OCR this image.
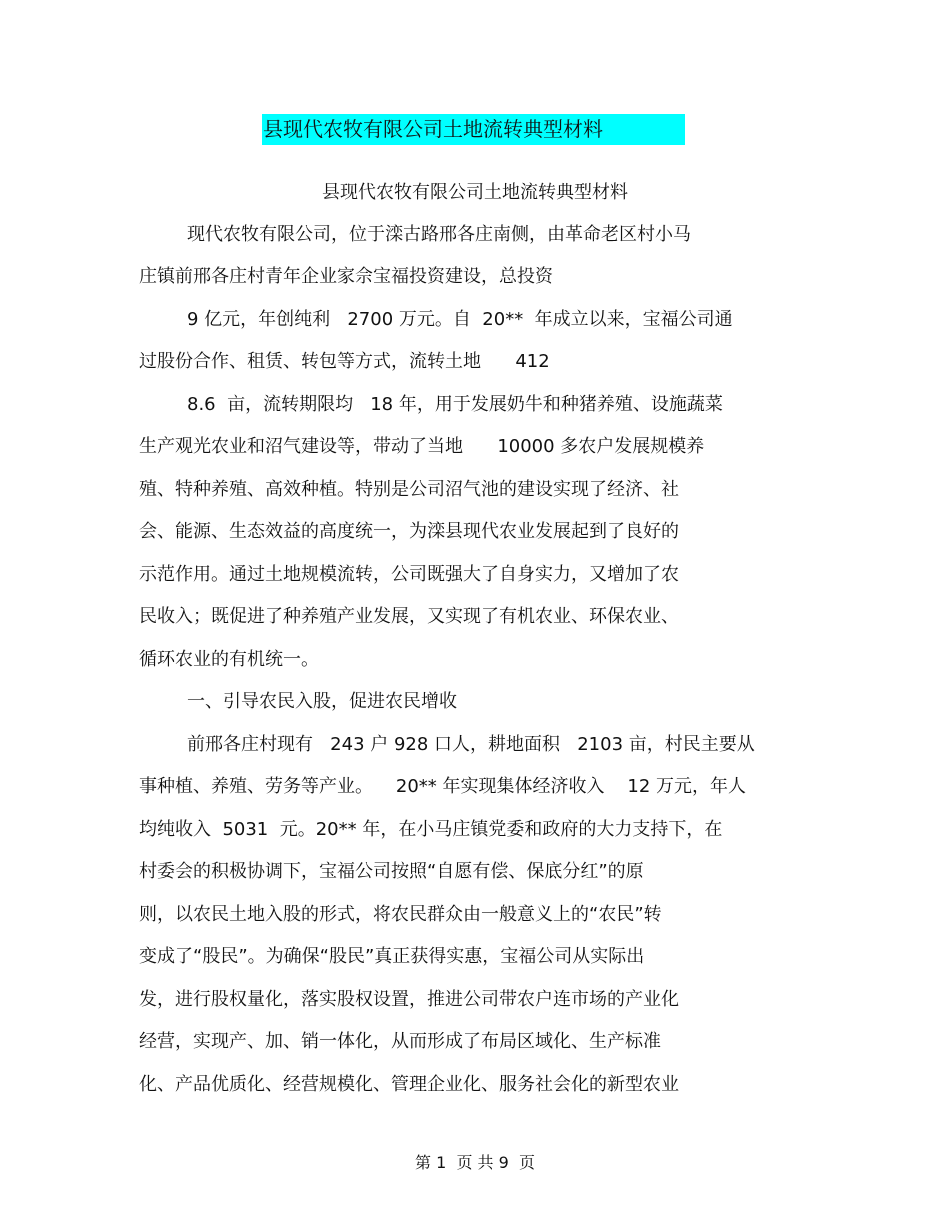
县现代农牧有限公司土地流转典型材料
县现代农牧有限公司土地流转典型材料
现代农牧有限公司，位于滦古路邢各庄南侧，由革命老区村小马
庄镇前邢各庄村青年企业家佘宝福投资建设，总投资
9 亿元，年创纯利   2700 万元。自  20**  年成立以来，宝福公司通
过股份合作、租赁、转包等方式，流转土地      412
8.6  亩，流转期限均   18 年，用于发展奶牛和种猪养殖、设施蔬菜
生产观光农业和沼气建设等，带动了当地      10000 多农户发展规模养
殖、特种养殖、高效种植。特别是公司沼气池的建设实现了经济、社
会、能源、生态效益的高度统一，为滦县现代农业发展起到了良好的
示范作用。通过土地规模流转，公司既强大了自身实力，又增加了农
民收入；既促进了种养殖产业发展，又实现了有机农业、环保农业、
循环农业的有机统一。
一、引导农民入股，促进农民增收
前邢各庄村现有   243 户 928 口人，耕地面积   2103 亩，村民主要从
事种植、养殖、劳务等产业。    20** 年实现集体经济收入    12 万元，年人
均纯收入  5031  元。20** 年，在小马庄镇党委和政府的大力支持下，在
村委会的积极协调下，宝福公司按照“自愿有偿、保底分红”的原
则，以农民土地入股的形式，将农民群众由一般意义上的“农民”转
变成了“股民”。为确保“股民”真正获得实惠，宝福公司从实际出
发，进行股权量化，落实股权设置，推进公司带农户连市场的产业化
经营，实现产、加、销一体化，从而形成了布局区域化、生产标准
化、产品优质化、经营规模化、管理企业化、服务社会化的新型农业
第 1  页 共 9  页
